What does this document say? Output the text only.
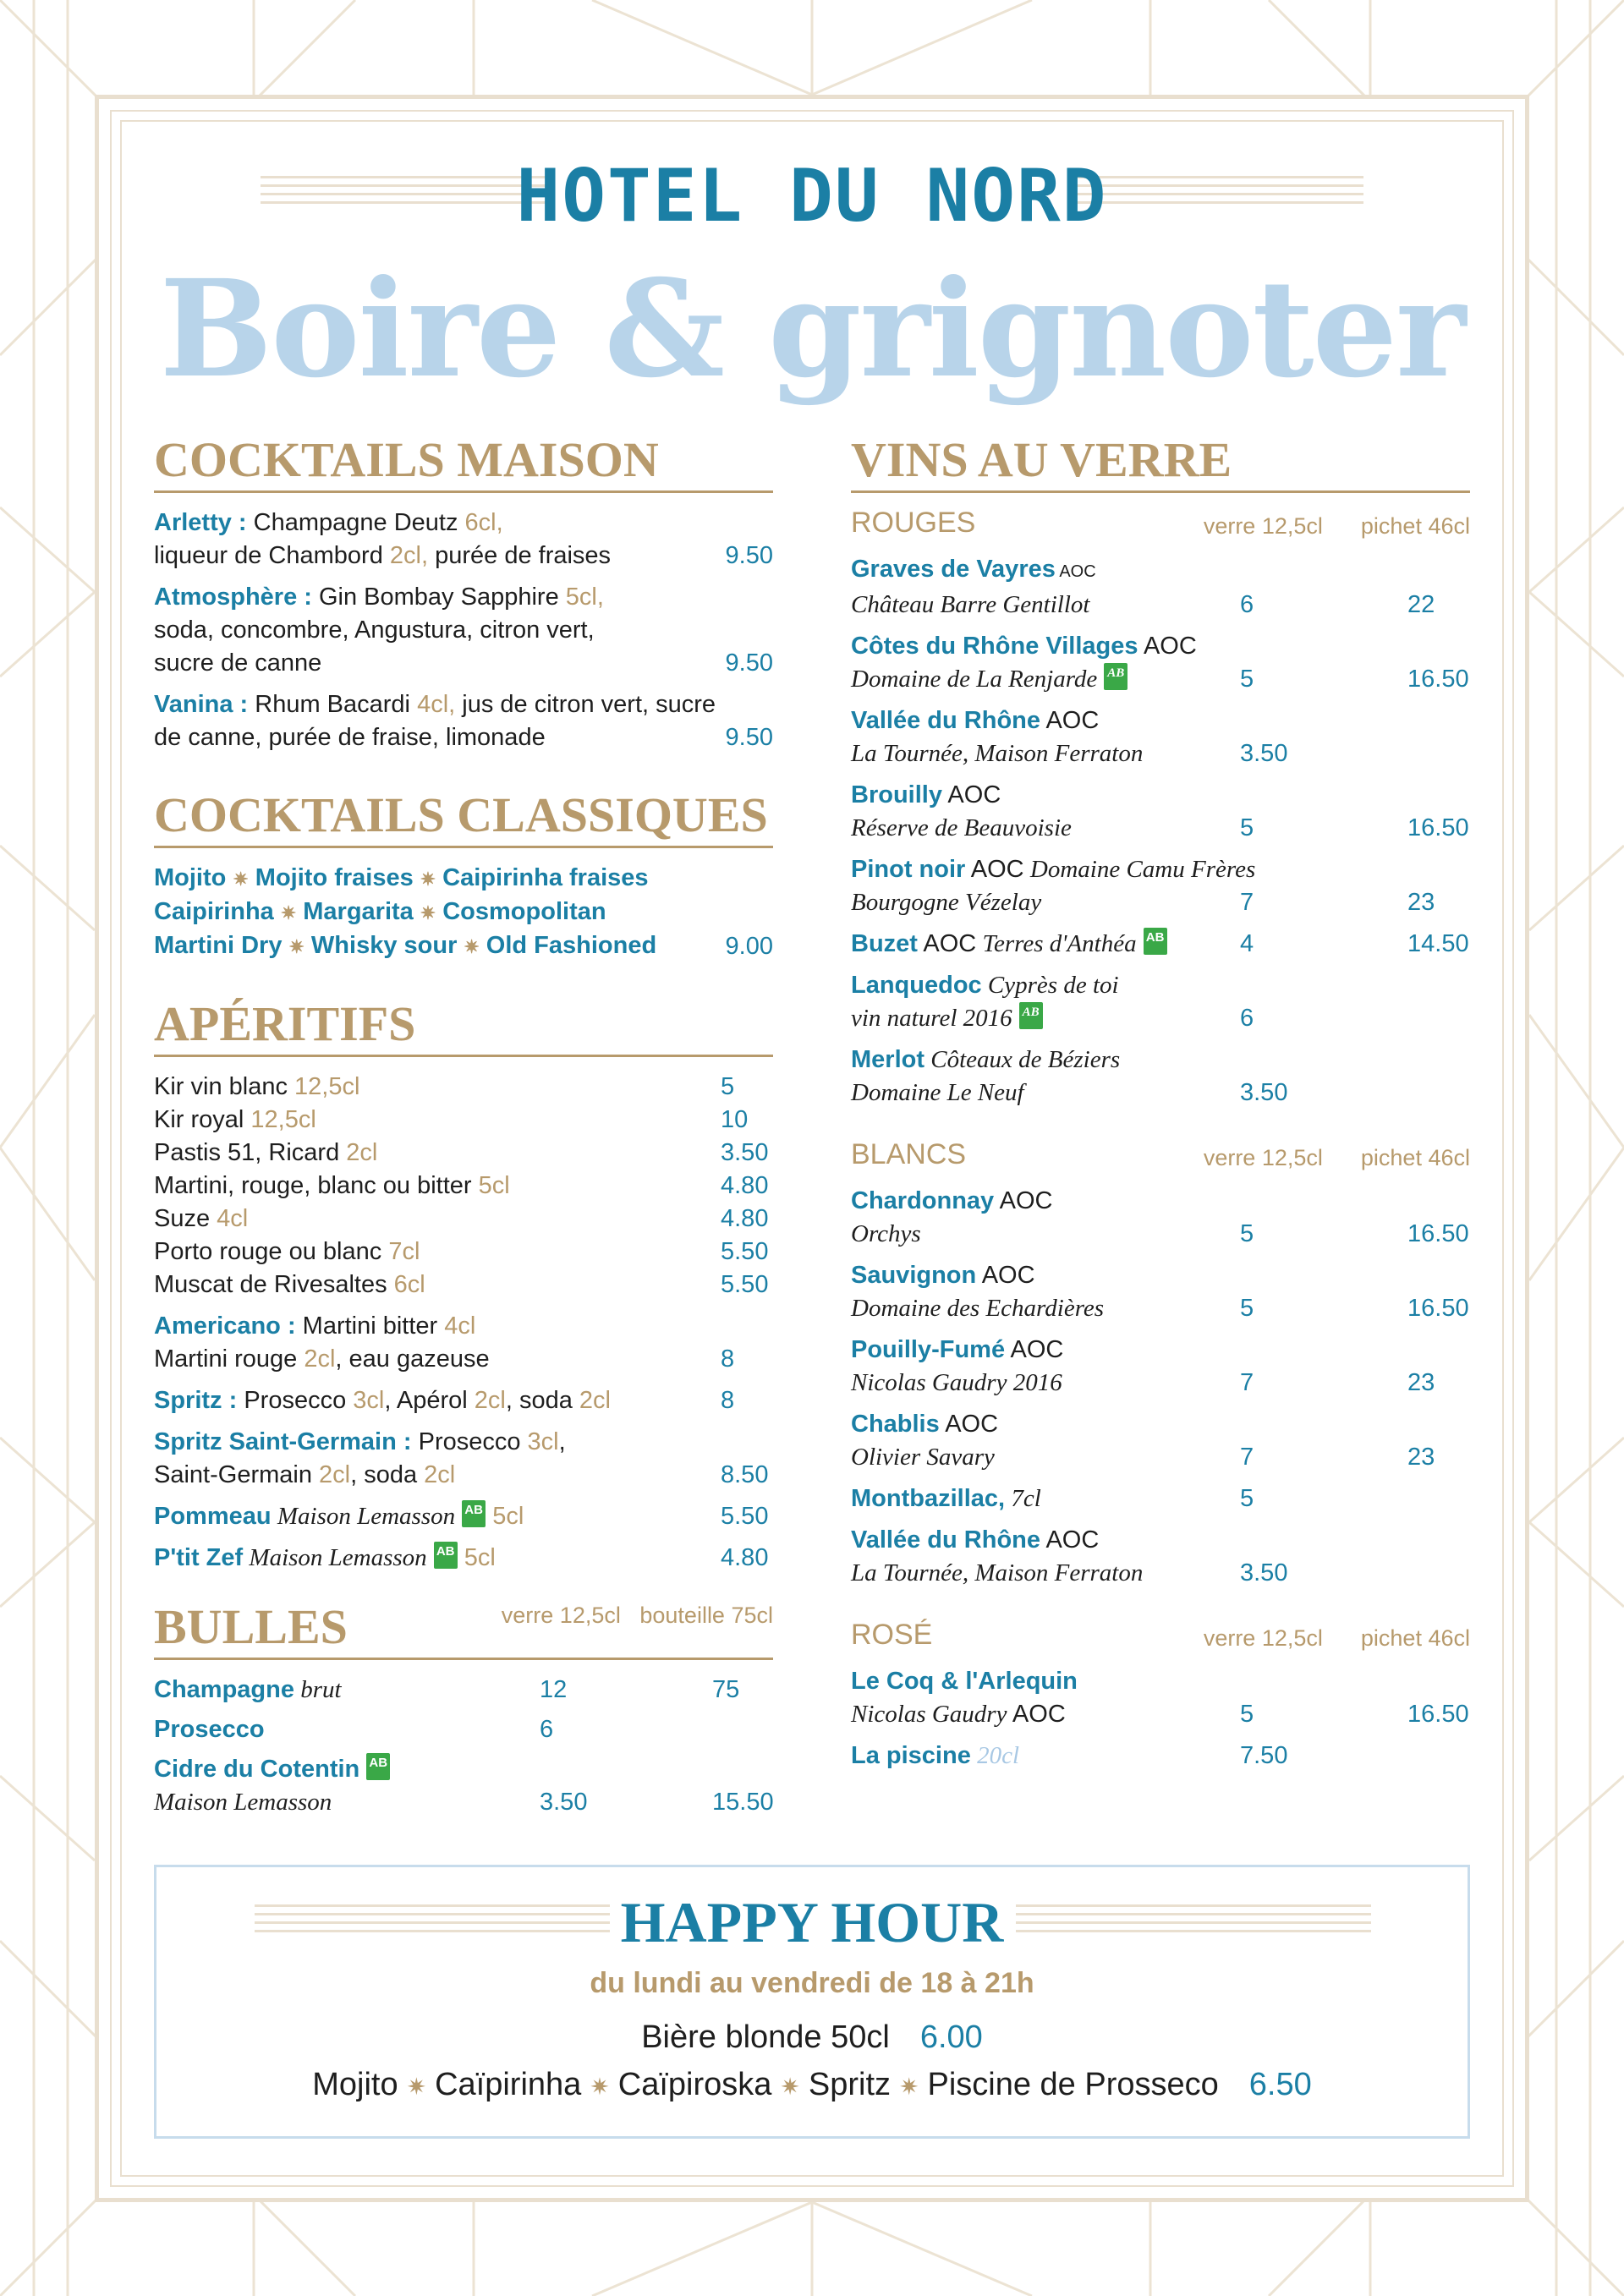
HOTEL DU NORD
Boire & grignoter
COCKTAILS MAISON
Arletty : Champagne Deutz 6cl,
liqueur de Chambord 2cl, purée de fraises	9.50
Atmosphère : Gin Bombay Sapphire 5cl,
soda, concombre, Angustura, citron vert,
sucre de canne	9.50
Vanina : Rhum Bacardi 4cl, jus de citron vert, sucre
de canne, purée de fraise, limonade	9.50
COCKTAILS CLASSIQUES
Mojito ✷ Mojito fraises ✷ Caipirinha fraises
Caipirinha ✷ Margarita ✷ Cosmopolitan
Martini Dry ✷ Whisky sour ✷ Old Fashioned	9.00
APÉRITIFS
Kir vin blanc 12,5cl	5
Kir royal 12,5cl	10
Pastis 51, Ricard 2cl	3.50
Martini, rouge, blanc ou bitter 5cl	4.80
Suze 4cl	4.80
Porto rouge ou blanc 7cl	5.50
Muscat de Rivesaltes 6cl	5.50
Americano : Martini bitter 4cl
Martini rouge 2cl, eau gazeuse	8
Spritz : Prosecco 3cl, Apérol 2cl, soda 2cl	8
Spritz Saint-Germain : Prosecco 3cl,
Saint-Germain 2cl, soda 2cl	8.50
Pommeau Maison Lemasson AB 5cl	5.50
P'tit Zef Maison Lemasson AB 5cl	4.80
BULLES	verre 12,5cl bouteille 75cl
Champagne brut	12	75
Prosecco	6
Cidre du Cotentin AB
Maison Lemasson	3.50	15.50
VINS AU VERRE
ROUGES	verre 12,5cl pichet 46cl
Graves de Vayres AOC
Château Barre Gentillot	6	22
Côtes du Rhône Villages AOC
Domaine de La Renjarde AB	5	16.50
Vallée du Rhône AOC
La Tournée, Maison Ferraton	3.50
Brouilly AOC
Réserve de Beauvoisie	5	16.50
Pinot noir AOC Domaine Camu Frères
Bourgogne Vézelay	7	23
Buzet AOC Terres d'Anthéa AB	4	14.50
Lanquedoc Cyprès de toi
vin naturel 2016 AB	6
Merlot Côteaux de Béziers
Domaine Le Neuf	3.50
BLANCS	verre 12,5cl pichet 46cl
Chardonnay AOC
Orchys	5	16.50
Sauvignon AOC
Domaine des Echardières	5	16.50
Pouilly-Fumé AOC
Nicolas Gaudry 2016	7	23
Chablis AOC
Olivier Savary	7	23
Montbazillac, 7cl	5
Vallée du Rhône AOC
La Tournée, Maison Ferraton	3.50
ROSÉ	verre 12,5cl pichet 46cl
Le Coq & l'Arlequin
Nicolas Gaudry AOC	5	16.50
La piscine 20cl	7.50
HAPPY HOUR
du lundi au vendredi de 18 à 21h
Bière blonde 50cl 6.00
Mojito ✷ Caïpirinha ✷ Caïpiroska ✷ Spritz ✷ Piscine de Prosseco 6.50
